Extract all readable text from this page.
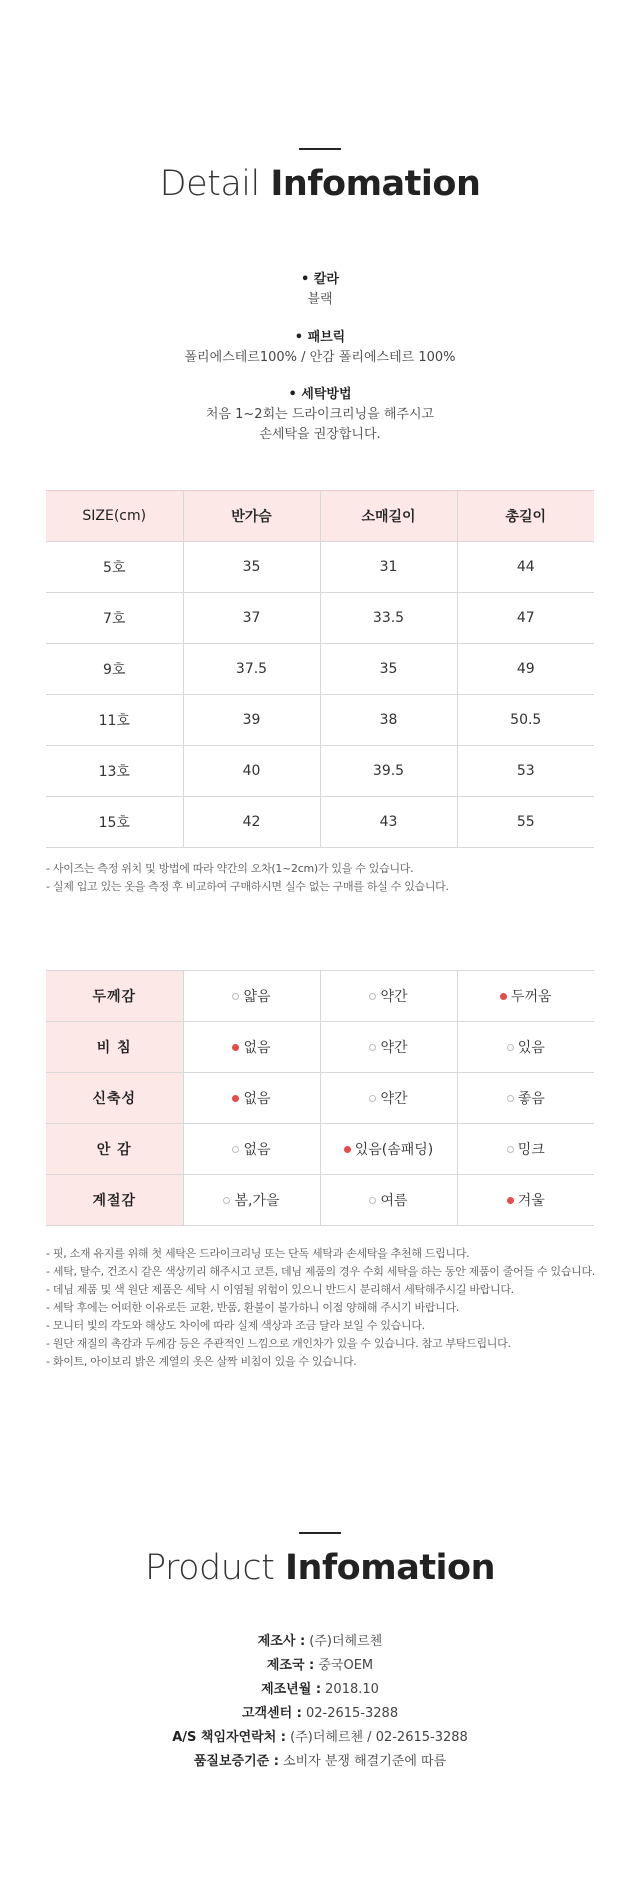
Detail Infomation
• 칼라
블랙
• 패브릭
폴리에스테르100% / 안감 폴리에스테르 100%
• 세탁방법
처음 1~2회는 드라이크리닝을 해주시고
손세탁을 권장합니다.
SIZE(cm)	반가슴	소매길이	총길이
5호	35	31	44
7호	37	33.5	47
9호	37.5	35	49
11호	39	38	50.5
13호	40	39.5	53
15호	42	43	55
- 사이즈는 측정 위치 및 방법에 따라 약간의 오차(1~2cm)가 있을 수 있습니다.
- 실제 입고 있는 옷을 측정 후 비교하여 구매하시면 실수 없는 구매를 하실 수 있습니다.
두께감	얇음	약간	두꺼움
비 침	없음	약간	있음
신축성	없음	약간	좋음
안 감	없음	있음(솜패딩)	밍크
계절감	봄,가을	여름	겨울
- 핏, 소재 유지를 위해 첫 세탁은 드라이크리닝 또는 단독 세탁과 손세탁을 추천해 드립니다.
- 세탁, 탈수, 건조시 같은 색상끼리 해주시고 코튼, 데님 제품의 경우 수회 세탁을 하는 동안 제품이 줄어들 수 있습니다.
- 데님 제품 및 색 원단 제품은 세탁 시 이염될 위험이 있으니 반드시 분리해서 세탁해주시길 바랍니다.
- 세탁 후에는 어떠한 이유로든 교환, 반품, 환불이 불가하니 이점 양해해 주시기 바랍니다.
- 모니터 빛의 각도와 해상도 차이에 따라 실제 색상과 조금 달라 보일 수 있습니다.
- 원단 재질의 촉감과 두께감 등은 주관적인 느낌으로 개인차가 있을 수 있습니다. 참고 부탁드립니다.
- 화이트, 아이보리 밝은 계열의 옷은 살짝 비침이 있을 수 있습니다.
Product Infomation
제조사 : (주)더헤르첸
제조국 : 중국OEM
제조년월 : 2018.10
고객센터 : 02-2615-3288
A/S 책임자연락처 : (주)더헤르첸 / 02-2615-3288
품질보증기준 : 소비자 분쟁 해결기준에 따름
